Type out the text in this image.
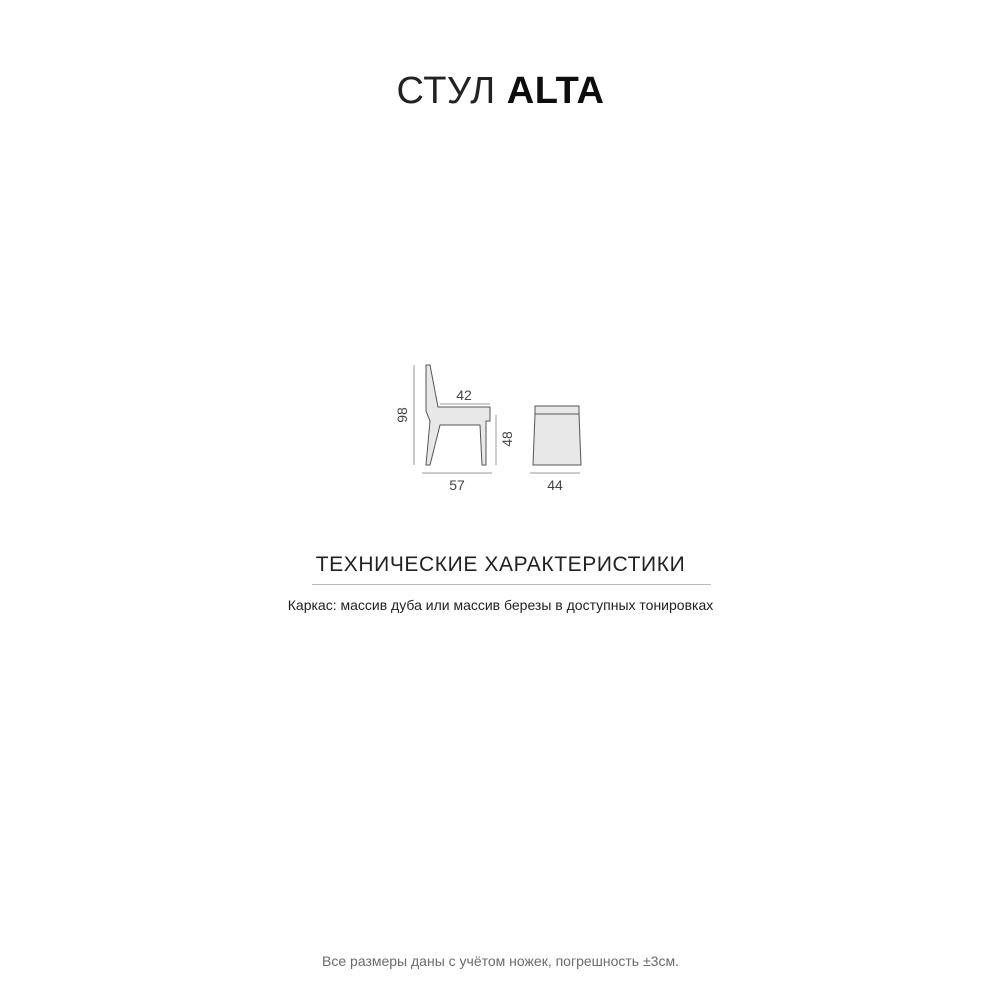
СТУЛ ALTA
98
42
48
57	44
ТЕХНИЧЕСКИЕ ХАРАКТЕРИСТИКИ
Каркас: массив дуба или массив березы в доступных тонировках
Все размеры даны с учётом ножек, погрешность ±3см.
